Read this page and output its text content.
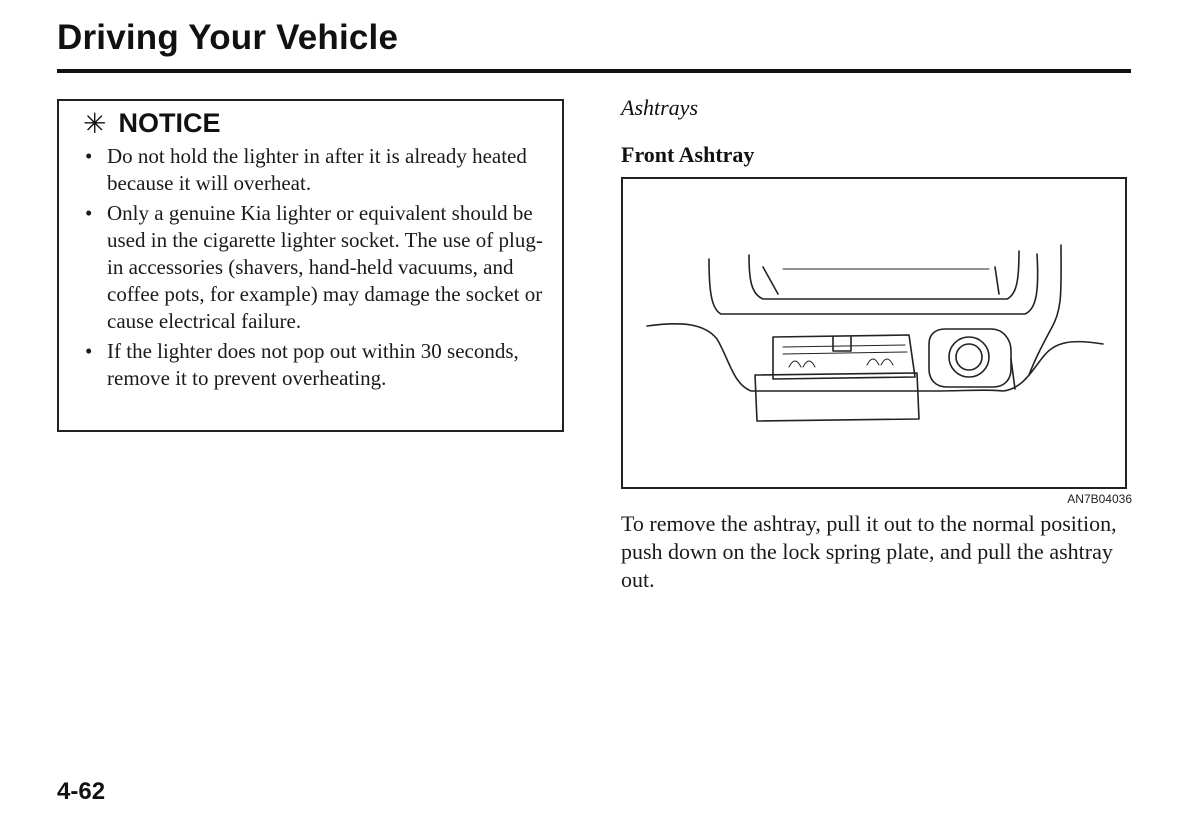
Driving Your Vehicle
✳ NOTICE
• Do not hold the lighter in after it is already heated because it will overheat.
• Only a genuine Kia lighter or equivalent should be used in the cigarette lighter socket. The use of plug-in accessories (shavers, hand-held vacuums, and coffee pots, for example) may damage the socket or cause electrical failure.
• If the lighter does not pop out within 30 seconds, remove it to prevent overheating.
Ashtrays
Front Ashtray
AN7B04036
To remove the ashtray, pull it out to the normal position, push down on the lock spring plate, and pull the ashtray out.
4-62
